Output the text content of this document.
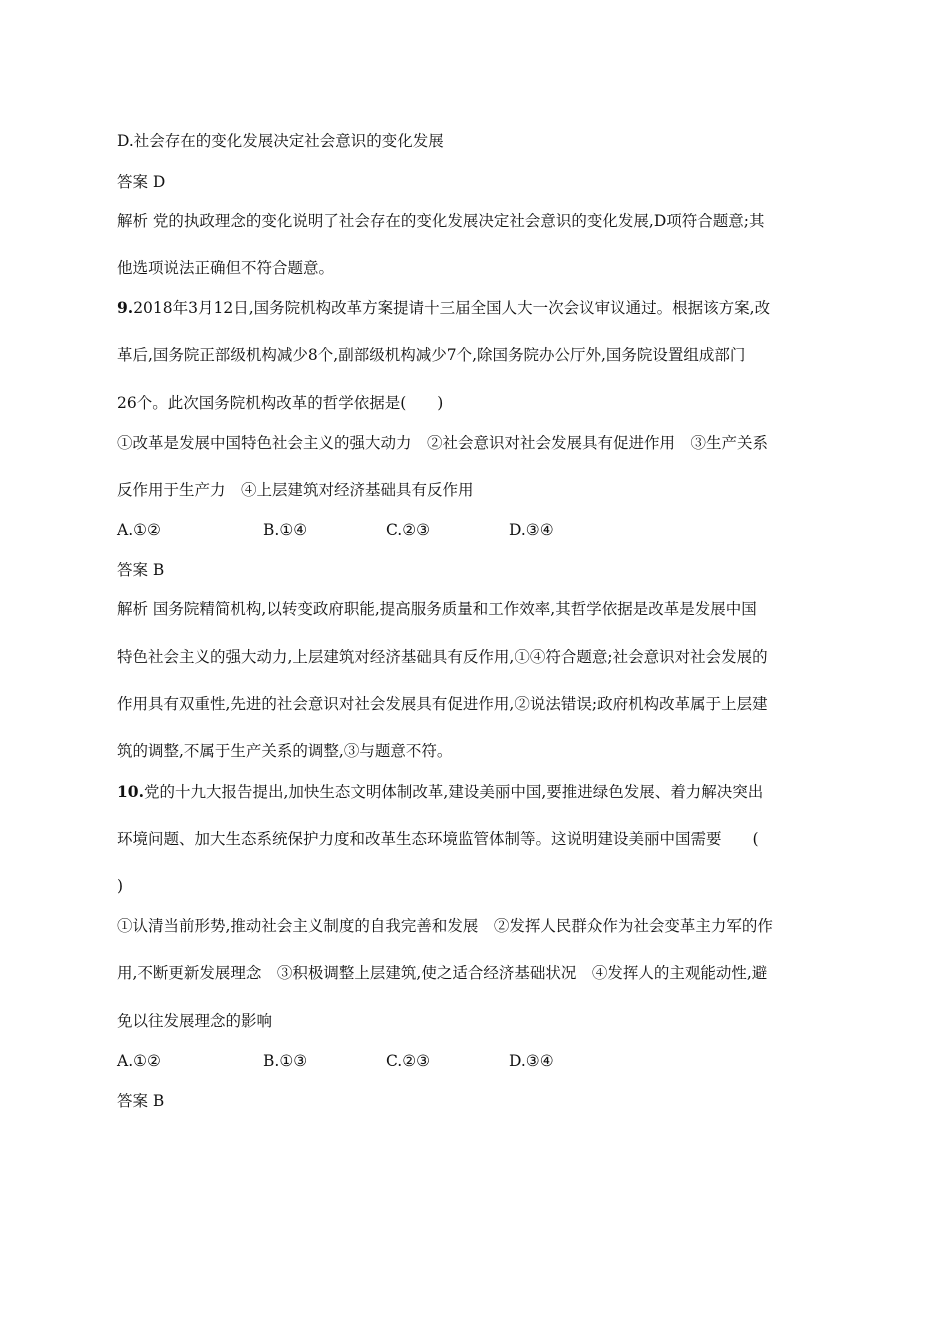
D.社会存在的变化发展决定社会意识的变化发展
答案 D
解析 党的执政理念的变化说明了社会存在的变化发展决定社会意识的变化发展,D项符合题意;其
他选项说法正确但不符合题意。
9.2018年3月12日,国务院机构改革方案提请十三届全国人大一次会议审议通过。根据该方案,改
革后,国务院正部级机构减少8个,副部级机构减少7个,除国务院办公厅外,国务院设置组成部门
26个。此次国务院机构改革的哲学依据是(　　)
①改革是发展中国特色社会主义的强大动力　②社会意识对社会发展具有促进作用　③生产关系
反作用于生产力　④上层建筑对经济基础具有反作用
A.①②	B.①④	C.②③	D.③④
答案 B
解析 国务院精简机构,以转变政府职能,提高服务质量和工作效率,其哲学依据是改革是发展中国
特色社会主义的强大动力,上层建筑对经济基础具有反作用,①④符合题意;社会意识对社会发展的
作用具有双重性,先进的社会意识对社会发展具有促进作用,②说法错误;政府机构改革属于上层建
筑的调整,不属于生产关系的调整,③与题意不符。
10.党的十九大报告提出,加快生态文明体制改革,建设美丽中国,要推进绿色发展、着力解决突出
环境问题、加大生态系统保护力度和改革生态环境监管体制等。这说明建设美丽中国需要　　(
)
①认清当前形势,推动社会主义制度的自我完善和发展　②发挥人民群众作为社会变革主力军的作
用,不断更新发展理念　③积极调整上层建筑,使之适合经济基础状况　④发挥人的主观能动性,避
免以往发展理念的影响
A.①②	B.①③	C.②③	D.③④
答案 B
